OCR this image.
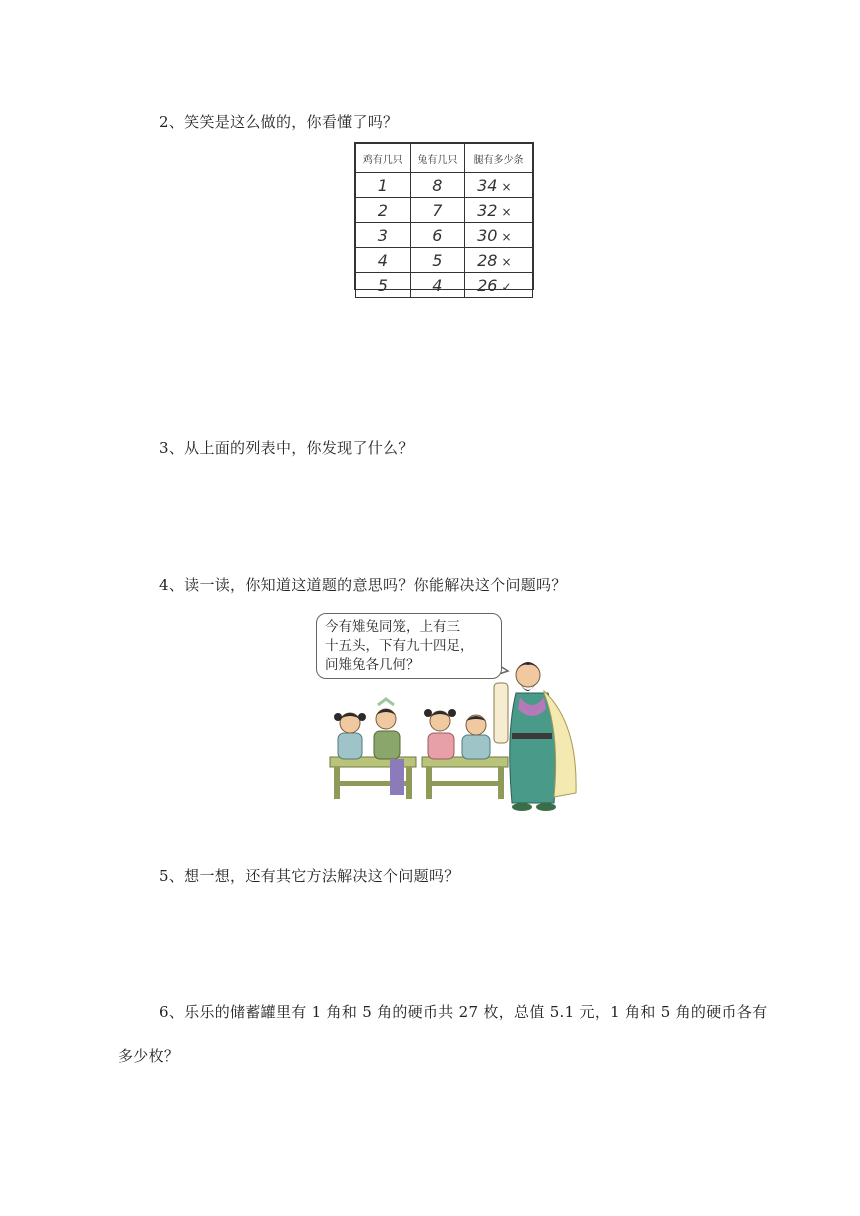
2、笑笑是这么做的，你看懂了吗？
鸡有几只	兔有几只	腿有多少条
1	8	34 ×
2	7	32 ×
3	6	30 ×
4	5	28 ×
5	4	26 ✓
3、从上面的列表中，你发现了什么？
4、读一读，你知道这道题的意思吗？你能解决这个问题吗？
今有雉兔同笼，上有三
十五头，下有九十四足，
问雉兔各几何？
5、想一想，还有其它方法解决这个问题吗？
6、乐乐的储蓄罐里有 1 角和 5 角的硬币共 27 枚，总值 5.1 元，1 角和 5 角的硬币各有
多少枚？
